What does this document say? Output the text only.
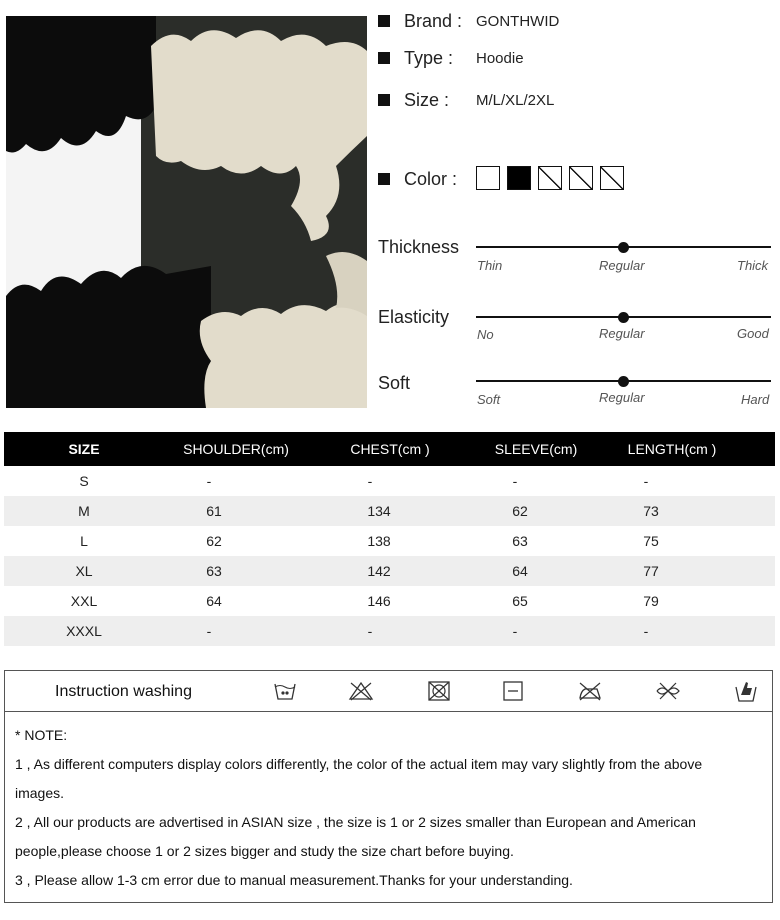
Brand : GONTHWID
Type : Hoodie
Size : M/L/XL/2XL
Color :
Thickness
Thin	Regular	Thick
Elasticity
No	Regular	Good
Soft
Soft	Regular	Hard
SIZE	SHOULDER(cm)	CHEST(cm )	SLEEVE(cm)	LENGTH(cm )
S	-	-	-	-
M	61	134	62	73
L	62	138	63	75
XL	63	142	64	77
XXL	64	146	65	79
XXXL	-	-	-	-
Instruction washing
* NOTE:
1 , As different computers display colors differently, the color of the actual item may vary slightly from the above
images.
2 , All our products are advertised in ASIAN size , the size is 1 or 2 sizes smaller than European and American
people,please choose 1 or 2 sizes bigger and study the size chart before buying.
3 , Please allow 1-3 cm error due to manual measurement.Thanks for your understanding.
